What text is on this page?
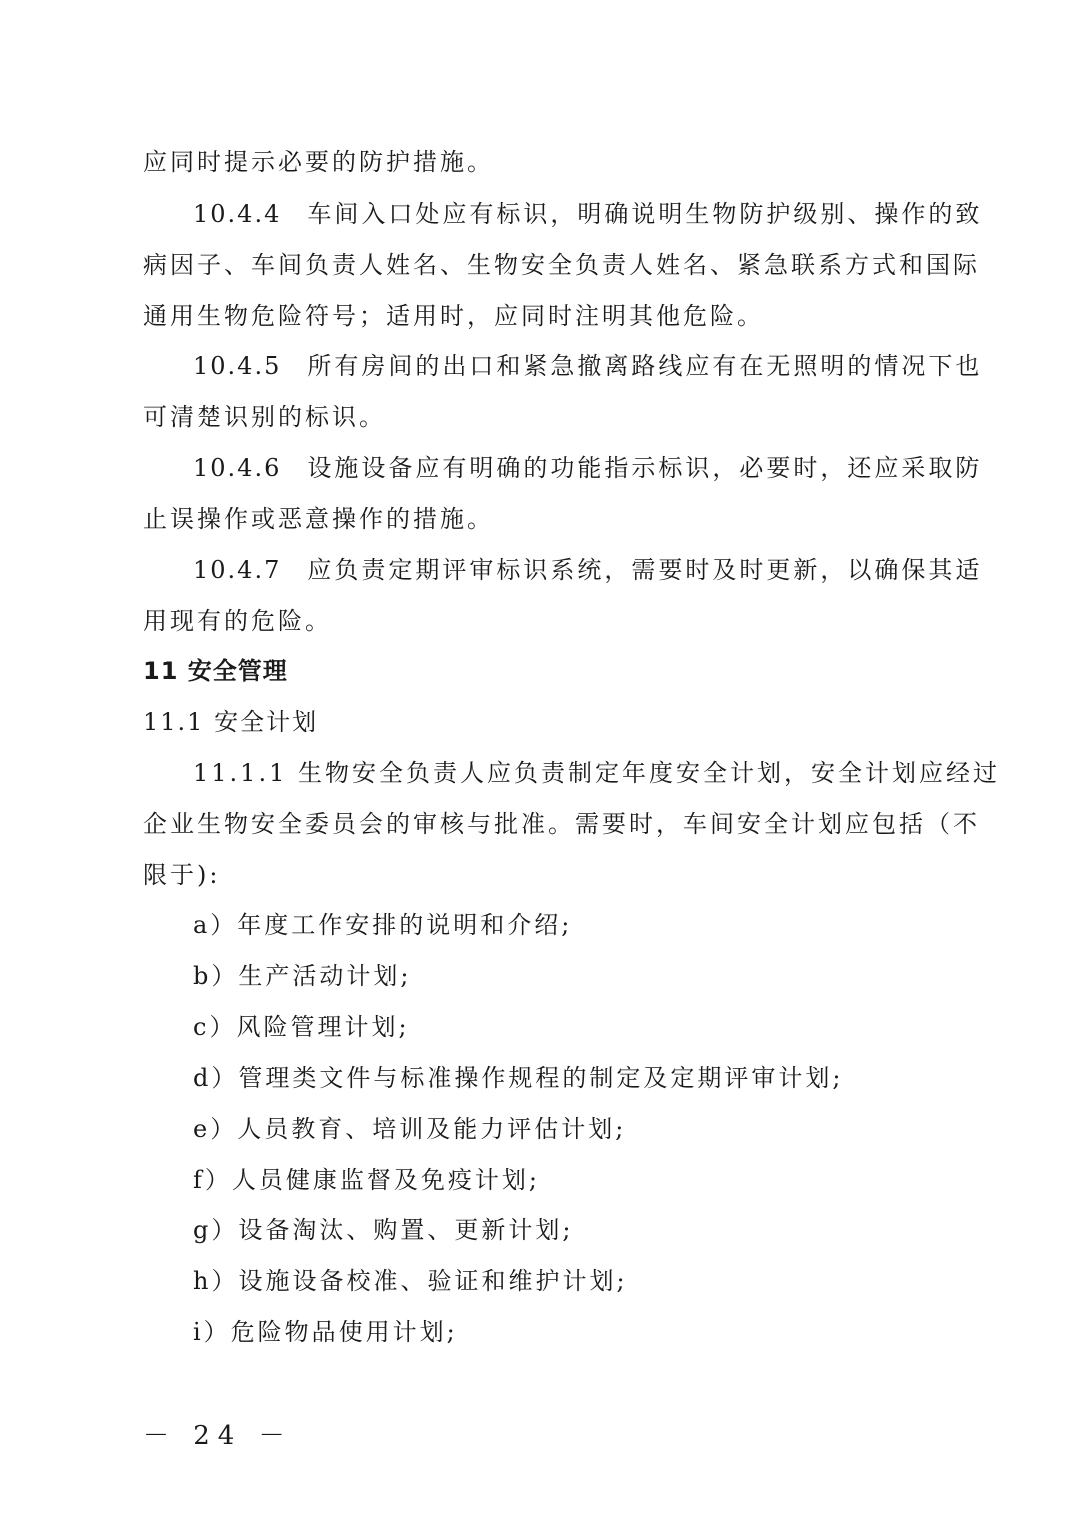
应同时提示必要的防护措施。
10.4.4 车间入口处应有标识，明确说明生物防护级别、操作的致
病因子、车间负责人姓名、生物安全负责人姓名、紧急联系方式和国际
通用生物危险符号；适用时，应同时注明其他危险。
10.4.5 所有房间的出口和紧急撤离路线应有在无照明的情况下也
可清楚识别的标识。
10.4.6 设施设备应有明确的功能指示标识，必要时，还应采取防
止误操作或恶意操作的措施。
10.4.7 应负责定期评审标识系统，需要时及时更新，以确保其适
用现有的危险。
11 安全管理
11.1 安全计划
11.1.1 生物安全负责人应负责制定年度安全计划，安全计划应经过
企业生物安全委员会的审核与批准。需要时，车间安全计划应包括（不
限于):
a）年度工作安排的说明和介绍;
b）生产活动计划;
c）风险管理计划;
d）管理类文件与标准操作规程的制定及定期评审计划;
e）人员教育、培训及能力评估计划;
f）人员健康监督及免疫计划;
g）设备淘汰、购置、更新计划;
h）设施设备校准、验证和维护计划;
i）危险物品使用计划;
－ 24 －
